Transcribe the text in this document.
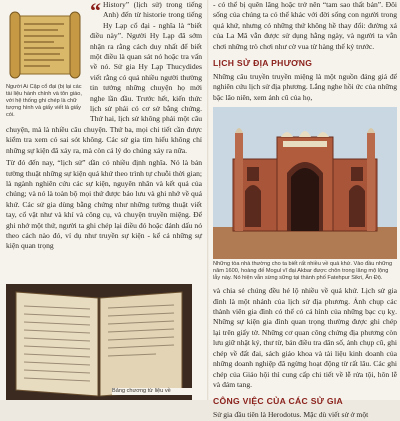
Người Ai Cập cổ đại (bị lại các tài liệu hành chính và tôn giáo, với hệ thống ghi chép là chữ tượng hình và giấy viết là giấy cói.

“ History” (lịch sử) trong tiếng Anh) đến từ historie trong tiếng Hy Lạp cổ đại - nghĩa là “biết điều này”. Người Hy Lạp đã sớm nhận ra rằng cách duy nhất để biết một điều là quan sát nó hoặc tra vấn về nó. Sử gia Hy Lạp Thucydides viết rằng có quá nhiều người thường tin tưởng những chuyện họ mới nghe lần đầu. Trước hết, kiến thức lịch sử phải có cơ sở bằng chứng. Thứ hai, lịch sử không phải một câu chuyện, mà là nhiều câu chuyện. Thứ ba, mọi chi tiết cần được kiểm tra xem có sai sót không. Các sử gia tìm hiểu không chỉ những sự kiện đã xảy ra, mà còn cả lý do chúng xảy ra nữa.

Từ đó đến nay, “lịch sử” dần có nhiều định nghĩa. Nó là bản tường thuật những sự kiện quá khứ theo trình tự chuỗi thời gian; là ngành nghiên cứu các sự kiện, nguyên nhân và kết quả của chúng; và nó là toàn bộ mọi thứ được bảo lưu và ghi nhớ về quá khứ. Các sử gia dùng bằng chứng như những tường thuật viết tay, cổ vật như và khí và công cụ, và chuyện truyền miệng. Để ghi nhớ một thứ, người ta ghi chép lại điều đó hoặc đánh dấu nó theo cách nào đó, ví dụ như truyền sự kiện - kể cả những sự kiện quan trọng

Bảng chương từ liệu về

- có thể bị quên lãng hoặc trở nên “tam sao thất bản”. Đôi sống của chúng ta có thể khác với đời sống con người trong quá khứ, nhưng có những thứ không hề thay đổi: đường xá của La Mã vẫn được sử dụng hằng ngày, và người ta vẫn chơi những trò chơi như cờ vua từ hàng thế kỷ trước.

LỊCH SỬ ĐỊA PHƯƠNG

Những câu truyền truyền miệng là một nguồn đáng giá để nghiên cứu lịch sử địa phương. Lắng nghe hồi ức của những bậc lão niên, xem ảnh cũ của họ,

Những tòa nhà thường cho ta biết rất nhiều về quá khứ. Vào đầu những năm 1600, hoàng đế Mogul vĩ đại Akbar được chôn trong lăng mộ lộng lẫy này. Nó hiện vẫn sừng sững tại thành phố Fatehpur Sikri, Ấn Độ.

và chia sẻ chúng đều hé lộ nhiều về quá khứ. Lịch sử gia đình là một nhánh của lịch sử địa phương. Ảnh chụp các thành viên gia đình có thể có cả hình của những bạc cụ kỵ. Những sự kiện gia đình quan trọng thường được ghi chép lại trên giấy tờ. Những cơ quan công chứng địa phương còn lưu giữ nhật ký, thư từ, bản điều tra dân số, ảnh chụp cũ, ghi chép về đất đai, sách giáo khoa và tài liệu kinh doanh của những doanh nghiệp đã ngừng hoạt động từ rất lâu. Các ghi chép của Giáo hội thì cung cấp chi tiết về lễ rửa tội, hôn lễ và đám tang.

CÔNG VIỆC CỦA CÁC SỬ GIA

Sử gia đầu tiên là Herodotus. Mặc dù viết sử ở một
